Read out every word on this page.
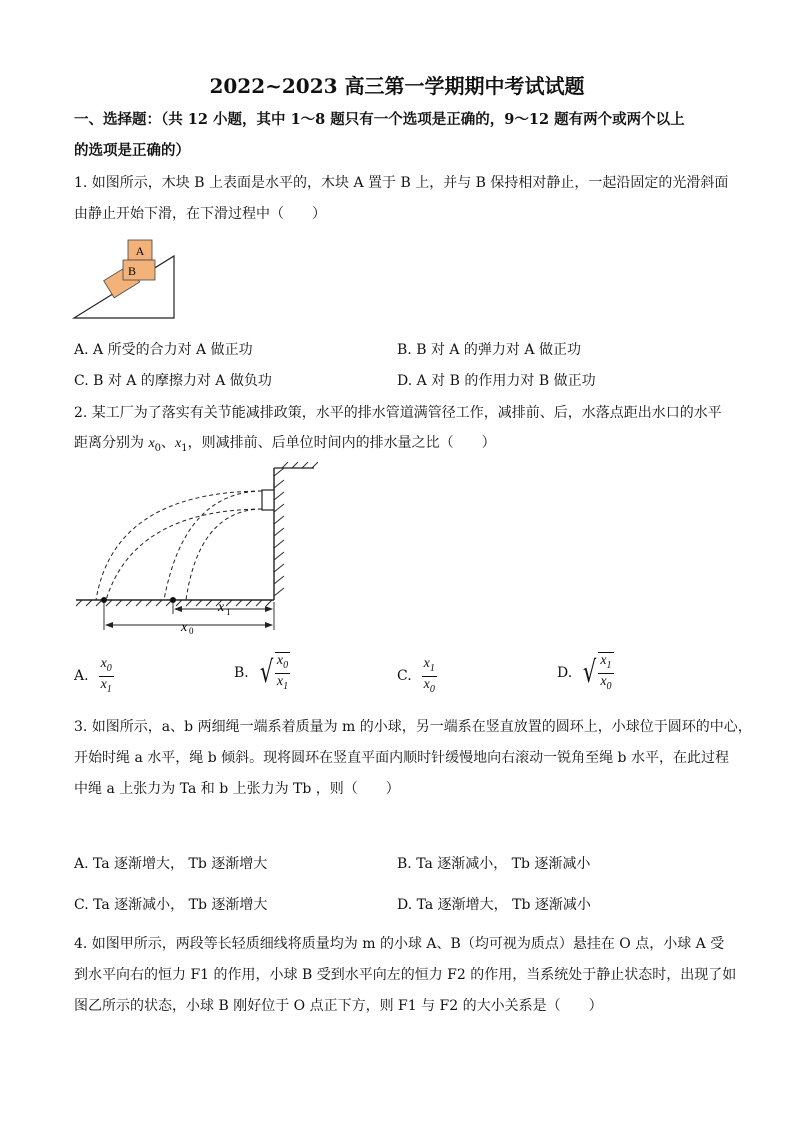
2022~2023 高三第一学期期中考试试题
一、选择题：（共 12 小题，其中 1～8 题只有一个选项是正确的，9～12 题有两个或两个以上
的选项是正确的）
1. 如图所示，木块 B 上表面是水平的，木块 A 置于 B 上，并与 B 保持相对静止，一起沿固定的光滑斜面
由静止开始下滑，在下滑过程中（　　）
A
B
A. A 所受的合力对 A 做正功	B. B 对 A 的弹力对 A 做正功
C. B 对 A 的摩擦力对 A 做负功	D. A 对 B 的作用力对 B 做正功
2. 某工厂为了落实有关节能减排政策，水平的排水管道满管径工作，减排前、后，水落点距出水口的水平
距离分别为 $x_0$、$x_1$，则减排前、后单位时间内的排水量之比（　　）
x 1
x 0
A. $\frac{x_0}{x_1}$	B. √ $\frac{x_0}{x_1}$	C. $\frac{x_1}{x_0}$	D. √ $\frac{x_1}{x_0}$
3. 如图所示，a、b 两细绳一端系着质量为 m 的小球，另一端系在竖直放置的圆环上，小球位于圆环的中心，
开始时绳 a 水平，绳 b 倾斜。现将圆环在竖直平面内顺时针缓慢地向右滚动一锐角至绳 b 水平，在此过程
中绳 a 上张力为 Ta 和 b 上张力为 Tb ，则（　　）
A. Ta 逐渐增大， Tb 逐渐增大	B. Ta 逐渐减小， Tb 逐渐减小
C. Ta 逐渐减小， Tb 逐渐增大	D. Ta 逐渐增大， Tb 逐渐减小
4. 如图甲所示，两段等长轻质细线将质量均为 m 的小球 A、B（均可视为质点）悬挂在 O 点，小球 A 受
到水平向右的恒力 F1 的作用，小球 B 受到水平向左的恒力 F2 的作用，当系统处于静止状态时，出现了如
图乙所示的状态，小球 B 刚好位于 O 点正下方，则 F1 与 F2 的大小关系是（　　）
